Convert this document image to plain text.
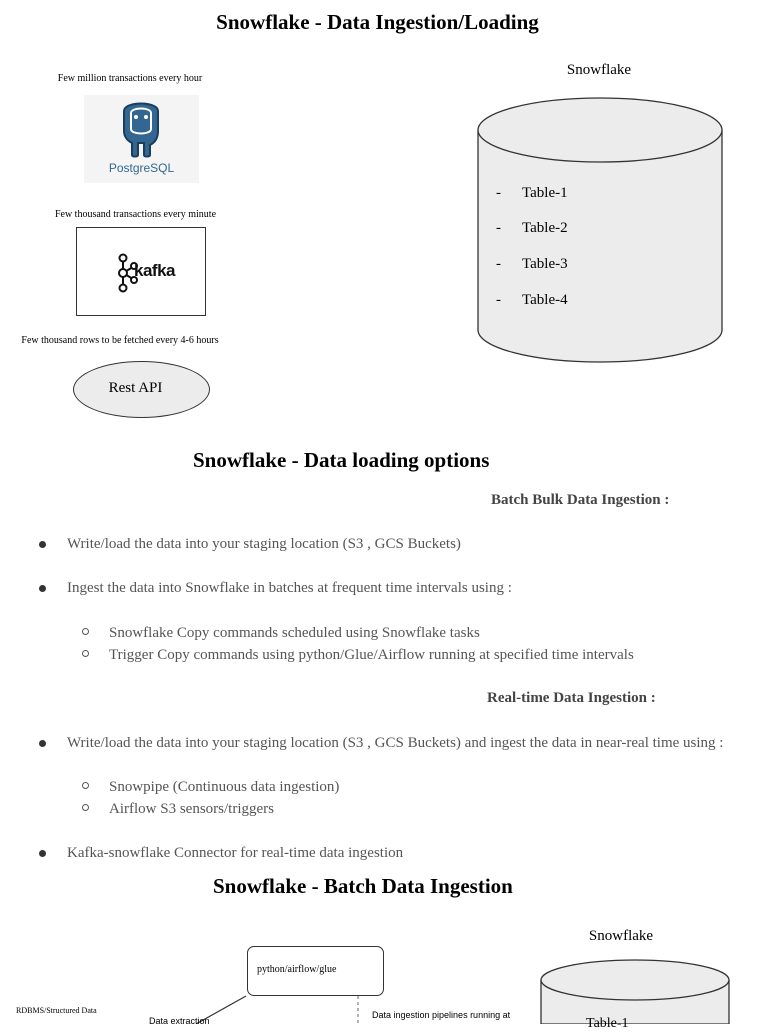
Snowflake - Data Ingestion/Loading
Few million transactions every hour
PostgreSQL
Few thousand transactions every minute
kafka
Few thousand rows to be fetched every 4-6 hours
Rest API
Snowflake
- Table-1
- Table-2
- Table-3
- Table-4
Snowflake - Data loading options
Batch Bulk Data Ingestion :
Write/load the data into your staging location (S3 , GCS Buckets)
Ingest the data into Snowflake in batches at frequent time intervals using :
Snowflake Copy commands scheduled using Snowflake tasks
Trigger Copy commands using python/Glue/Airflow running at specified time intervals
Real-time Data Ingestion :
Write/load the data into your staging location (S3 , GCS Buckets) and ingest the data in near-real time using :
Snowpipe (Continuous data ingestion)
Airflow S3 sensors/triggers
Kafka-snowflake Connector for real-time data ingestion
Snowflake - Batch Data Ingestion
python/airflow/glue
Snowflake
RDBMS/Structured Data
Data extraction
Data ingestion pipelines running at
Table-1
